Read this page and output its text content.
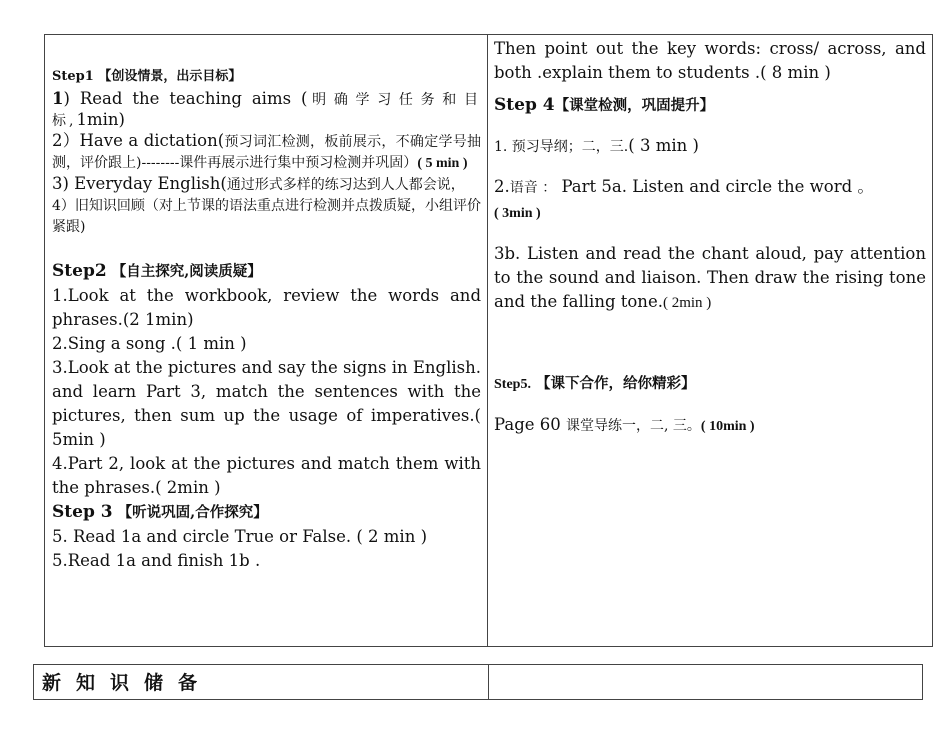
Step1 【创设情景，出示目标】

1) Read the teaching aims (明确学习任务和目标,1min)

2）Have a dictation(预习词汇检测，板前展示，不确定学号抽测，评价跟上)--------课件再展示进行集中预习检测并巩固）( 5 min )

3) Everyday English(通过形式多样的练习达到人人都会说，

4）旧知识回顾（对上节课的语法重点进行检测并点拨质疑，小组评价紧跟)

Step2 【自主探究,阅读质疑】

1.Look at the workbook, review the words and phrases.(2 1min)

2.Sing a song .( 1 min )

3.Look at the pictures and say the signs in English. and learn Part 3, match the sentences with the pictures, then sum up the usage of imperatives.( 5min )

4.Part 2, look at the pictures and match them with the phrases.( 2min )

Step 3 【听说巩固,合作探究】

5. Read 1a and circle True or False. ( 2 min )

5.Read 1a and finish 1b .

Then point out the key words: cross/ across, and both .explain them to students .( 8 min )

Step 4【课堂检测，巩固提升】

1. 预习导纲；二，三.( 3 min )

2.语音 ： Part 5a. Listen and circle the word 。

( 3min )

3b. Listen and read the chant aloud, pay attention to the sound and liaison. Then draw the rising tone and the falling tone.( 2min )

Step5. 【课下合作，给你精彩】

Page 60 课堂导练一，二, 三。( 10min )

新知识储备
